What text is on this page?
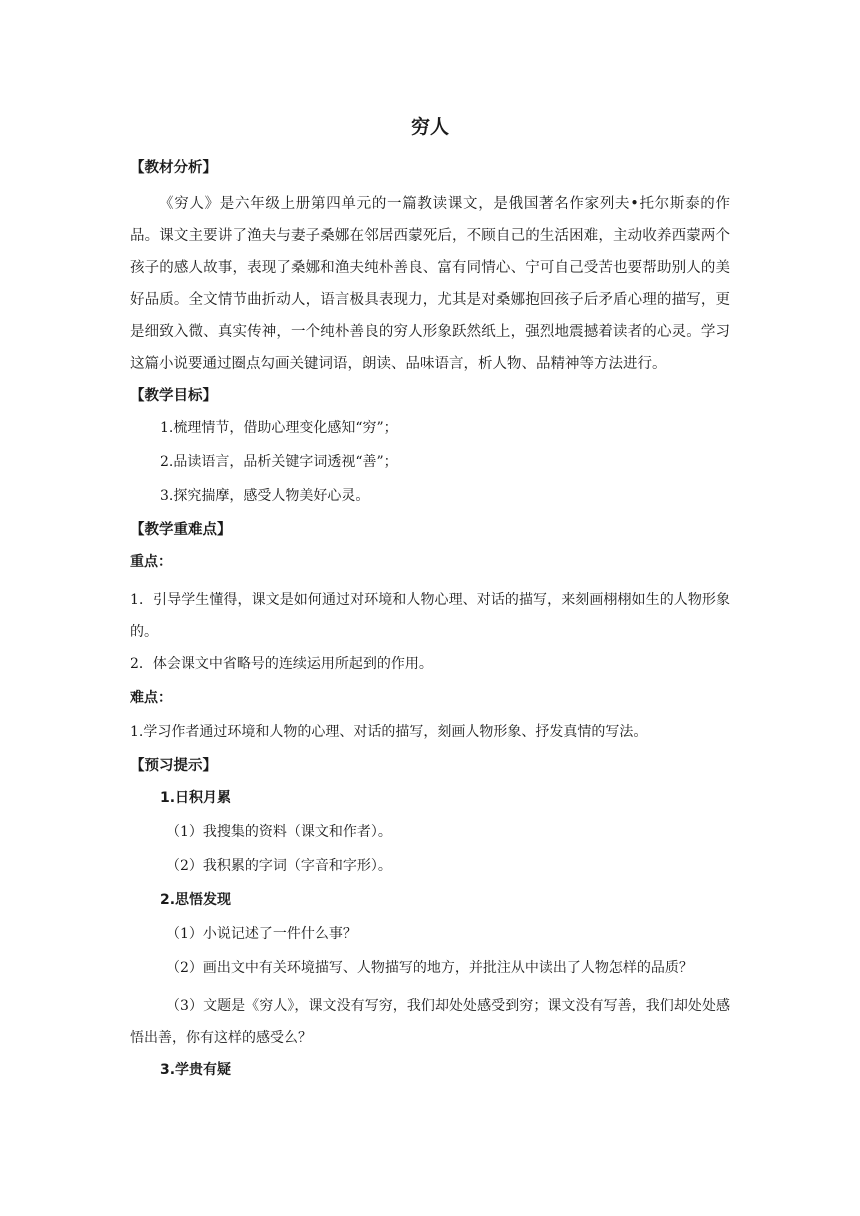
穷人
【教材分析】
《穷人》是六年级上册第四单元的一篇教读课文，是俄国著名作家列夫•托尔斯泰的作品。课文主要讲了渔夫与妻子桑娜在邻居西蒙死后，不顾自己的生活困难，主动收养西蒙两个孩子的感人故事，表现了桑娜和渔夫纯朴善良、富有同情心、宁可自己受苦也要帮助别人的美好品质。全文情节曲折动人，语言极具表现力，尤其是对桑娜抱回孩子后矛盾心理的描写，更是细致入微、真实传神，一个纯朴善良的穷人形象跃然纸上，强烈地震撼着读者的心灵。学习这篇小说要通过圈点勾画关键词语，朗读、品味语言，析人物、品精神等方法进行。
【教学目标】
1.梳理情节，借助心理变化感知“穷”；
2.品读语言，品析关键字词透视“善”；
3.探究揣摩，感受人物美好心灵。
【教学重难点】
重点：
1．引导学生懂得，课文是如何通过对环境和人物心理、对话的描写，来刻画栩栩如生的人物形象的。
2．体会课文中省略号的连续运用所起到的作用。
难点：
1.学习作者通过环境和人物的心理、对话的描写，刻画人物形象、抒发真情的写法。
【预习提示】
1.日积月累
（1）我搜集的资料（课文和作者）。
（2）我积累的字词（字音和字形）。
2.思悟发现
（1）小说记述了一件什么事？
（2）画出文中有关环境描写、人物描写的地方，并批注从中读出了人物怎样的品质？
（3）文题是《穷人》，课文没有写穷，我们却处处感受到穷；课文没有写善，我们却处处感悟出善，你有这样的感受么？
3.学贵有疑
